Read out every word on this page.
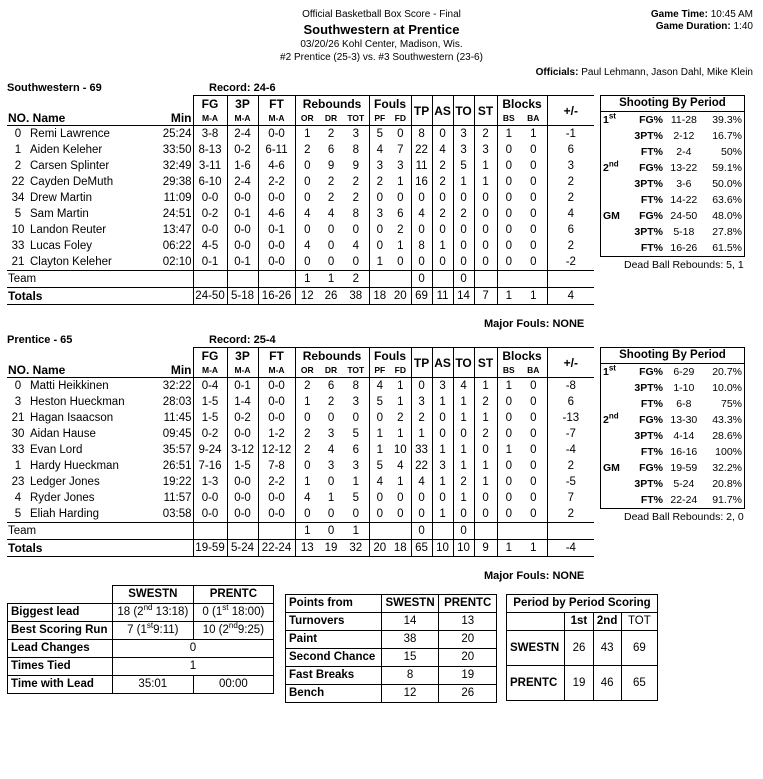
Official Basketball Box Score - Final
Southwestern at Prentice
03/20/26 Kohl Center, Madison, Wis.
#2 Prentice (25-3) vs. #3 Southwestern (23-6)
Game Time: 10:45 AM
Game Duration: 1:40
Officials: Paul Lehmann, Jason Dahl, Mike Klein
Southwestern - 69	Record: 24-6
			FG	3P	FT	Rebounds			Fouls		TP	AS	TO	ST	Blocks		+/-
NO. Name		Min	M-A	M-A	M-A	OR	DR	TOT	PF	FD					BS	BA	
0	Remi Lawrence	25:24	3-8	2-4	0-0	1	2	3	5	0	8	0	3	2	1	1	-1
1	Aiden Keleher	33:50	8-13	0-2	6-11	2	6	8	4	7	22	4	3	3	0	0	6
2	Carsen Splinter	32:49	3-11	1-6	4-6	0	9	9	3	3	11	2	5	1	0	0	3
22	Cayden DeMuth	29:38	6-10	2-4	2-2	0	2	2	2	1	16	2	1	1	0	0	2
34	Drew Martin	11:09	0-0	0-0	0-0	0	2	2	0	0	0	0	0	0	0	0	2
5	Sam Martin	24:51	0-2	0-1	4-6	4	4	8	3	6	4	2	2	0	0	0	4
10	Landon Reuter	13:47	0-0	0-0	0-1	0	0	0	0	2	0	0	0	0	0	0	6
33	Lucas Foley	06:22	4-5	0-0	0-0	4	0	4	0	1	8	1	0	0	0	0	2
21	Clayton Keleher	02:10	0-1	0-1	0-0	0	0	0	1	0	0	0	0	0	0	0	-2
Team						1	1	2			0		0				
Totals			24-50	5-18	16-26	12	26	38	18	20	69	11	14	7	1	1	4
Major Fouls: NONE
Shooting By Period
1st	FG%	11-28	39.3%
	3PT%	2-12	16.7%
	FT%	2-4	50%
2nd	FG%	13-22	59.1%
	3PT%	3-6	50.0%
	FT%	14-22	63.6%
GM	FG%	24-50	48.0%
	3PT%	5-18	27.8%
	FT%	16-26	61.5%
Dead Ball Rebounds: 5, 1
Prentice - 65	Record: 25-4
			FG	3P	FT	Rebounds			Fouls		TP	AS	TO	ST	Blocks		+/-
NO. Name		Min	M-A	M-A	M-A	OR	DR	TOT	PF	FD					BS	BA	
0	Matti Heikkinen	32:22	0-4	0-1	0-0	2	6	8	4	1	0	3	4	1	1	0	-8
3	Heston Hueckman	28:03	1-5	1-4	0-0	1	2	3	5	1	3	1	1	2	0	0	6
21	Hagan Isaacson	11:45	1-5	0-2	0-0	0	0	0	0	2	2	0	1	1	0	0	-13
30	Aidan Hause	09:45	0-2	0-0	1-2	2	3	5	1	1	1	0	0	2	0	0	-7
33	Evan Lord	35:57	9-24	3-12	12-12	2	4	6	1	10	33	1	1	0	1	0	-4
1	Hardy Hueckman	26:51	7-16	1-5	7-8	0	3	3	5	4	22	3	1	1	0	0	2
23	Ledger Jones	19:22	1-3	0-0	2-2	1	0	1	4	1	4	1	2	1	0	0	-5
4	Ryder Jones	11:57	0-0	0-0	0-0	4	1	5	0	0	0	0	1	0	0	0	7
5	Eliah Harding	03:58	0-0	0-0	0-0	0	0	0	0	0	0	1	0	0	0	0	2
Team						1	0	1			0		0				
Totals			19-59	5-24	22-24	13	19	32	20	18	65	10	10	9	1	1	-4
Major Fouls: NONE
Shooting By Period
1st	FG%	6-29	20.7%
	3PT%	1-10	10.0%
	FT%	6-8	75%
2nd	FG%	13-30	43.3%
	3PT%	4-14	28.6%
	FT%	16-16	100%
GM	FG%	19-59	32.2%
	3PT%	5-24	20.8%
	FT%	22-24	91.7%
Dead Ball Rebounds: 2, 0
	SWESTN	PRENTC
Biggest lead	18 (2nd 13:18)	0 (1st 18:00)
Best Scoring Run	7 (1st9:11)	10 (2nd9:25)
Lead Changes	0	
Times Tied	1	
Time with Lead	35:01	00:00
Points from	SWESTN	PRENTC
Turnovers	14	13
Paint	38	20
Second Chance	15	20
Fast Breaks	8	19
Bench	12	26
Period by Period Scoring			
	1st	2nd	TOT
SWESTN	26	43	69
PRENTC	19	46	65
